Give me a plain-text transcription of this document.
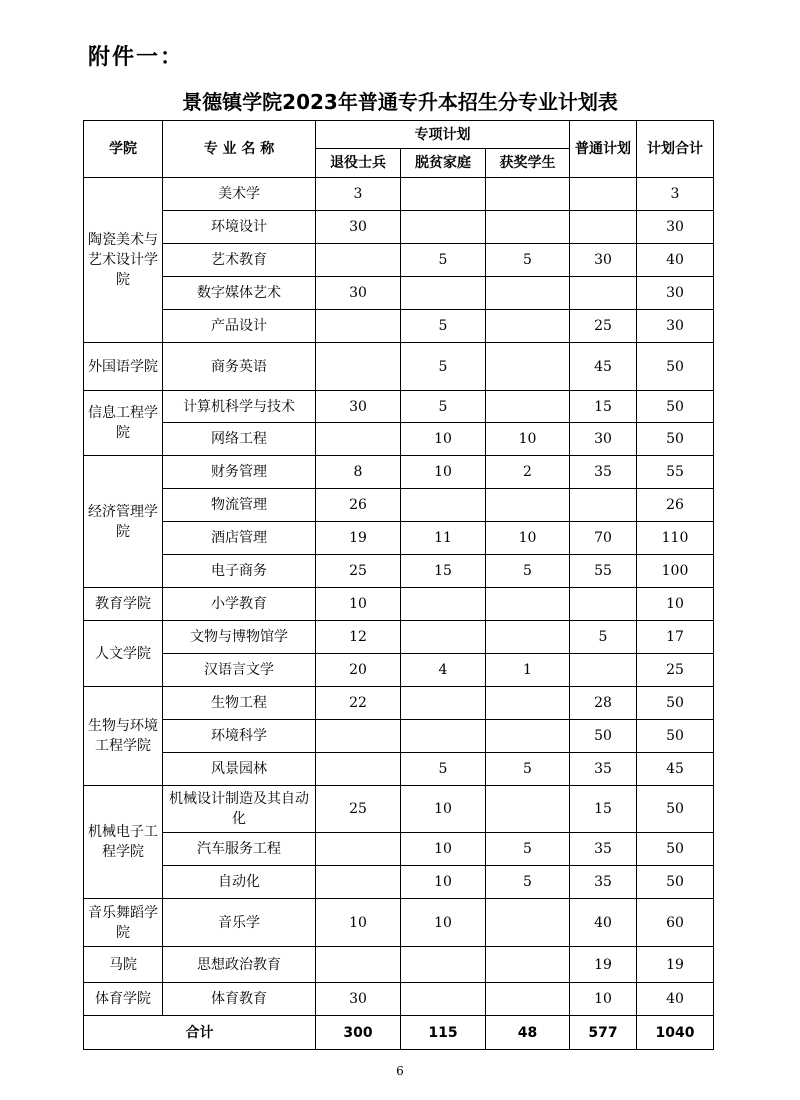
附件一：
景德镇学院2023年普通专升本招生分专业计划表
学院	专 业 名 称	专项计划			普通计划	计划合计

		退役士兵	脱贫家庭	获奖学生		

陶瓷美术与艺术设计学院	美术学	3				3
	环境设计	30				30
	艺术教育		5	5	30	40
	数字媒体艺术	30				30
	产品设计		5		25	30

外国语学院	商务英语		5		45	50

信息工程学院	计算机科学与技术	30	5		15	50
	网络工程		10	10	30	50

经济管理学院	财务管理	8	10	2	35	55
	物流管理	26				26
	酒店管理	19	11	10	70	110
	电子商务	25	15	5	55	100

教育学院	小学教育	10				10

人文学院	文物与博物馆学	12			5	17
	汉语言文学	20	4	1		25

生物与环境工程学院	生物工程	22			28	50
	环境科学				50	50
	风景园林		5	5	35	45

机械电子工程学院	机械设计制造及其自动化	25	10		15	50
	汽车服务工程		10	5	35	50
	自动化		10	5	35	50

音乐舞蹈学院	音乐学	10	10		40	60

马院	思想政治教育				19	19

体育学院	体育教育	30			10	40
合计		300	115	48	577	1040
6
